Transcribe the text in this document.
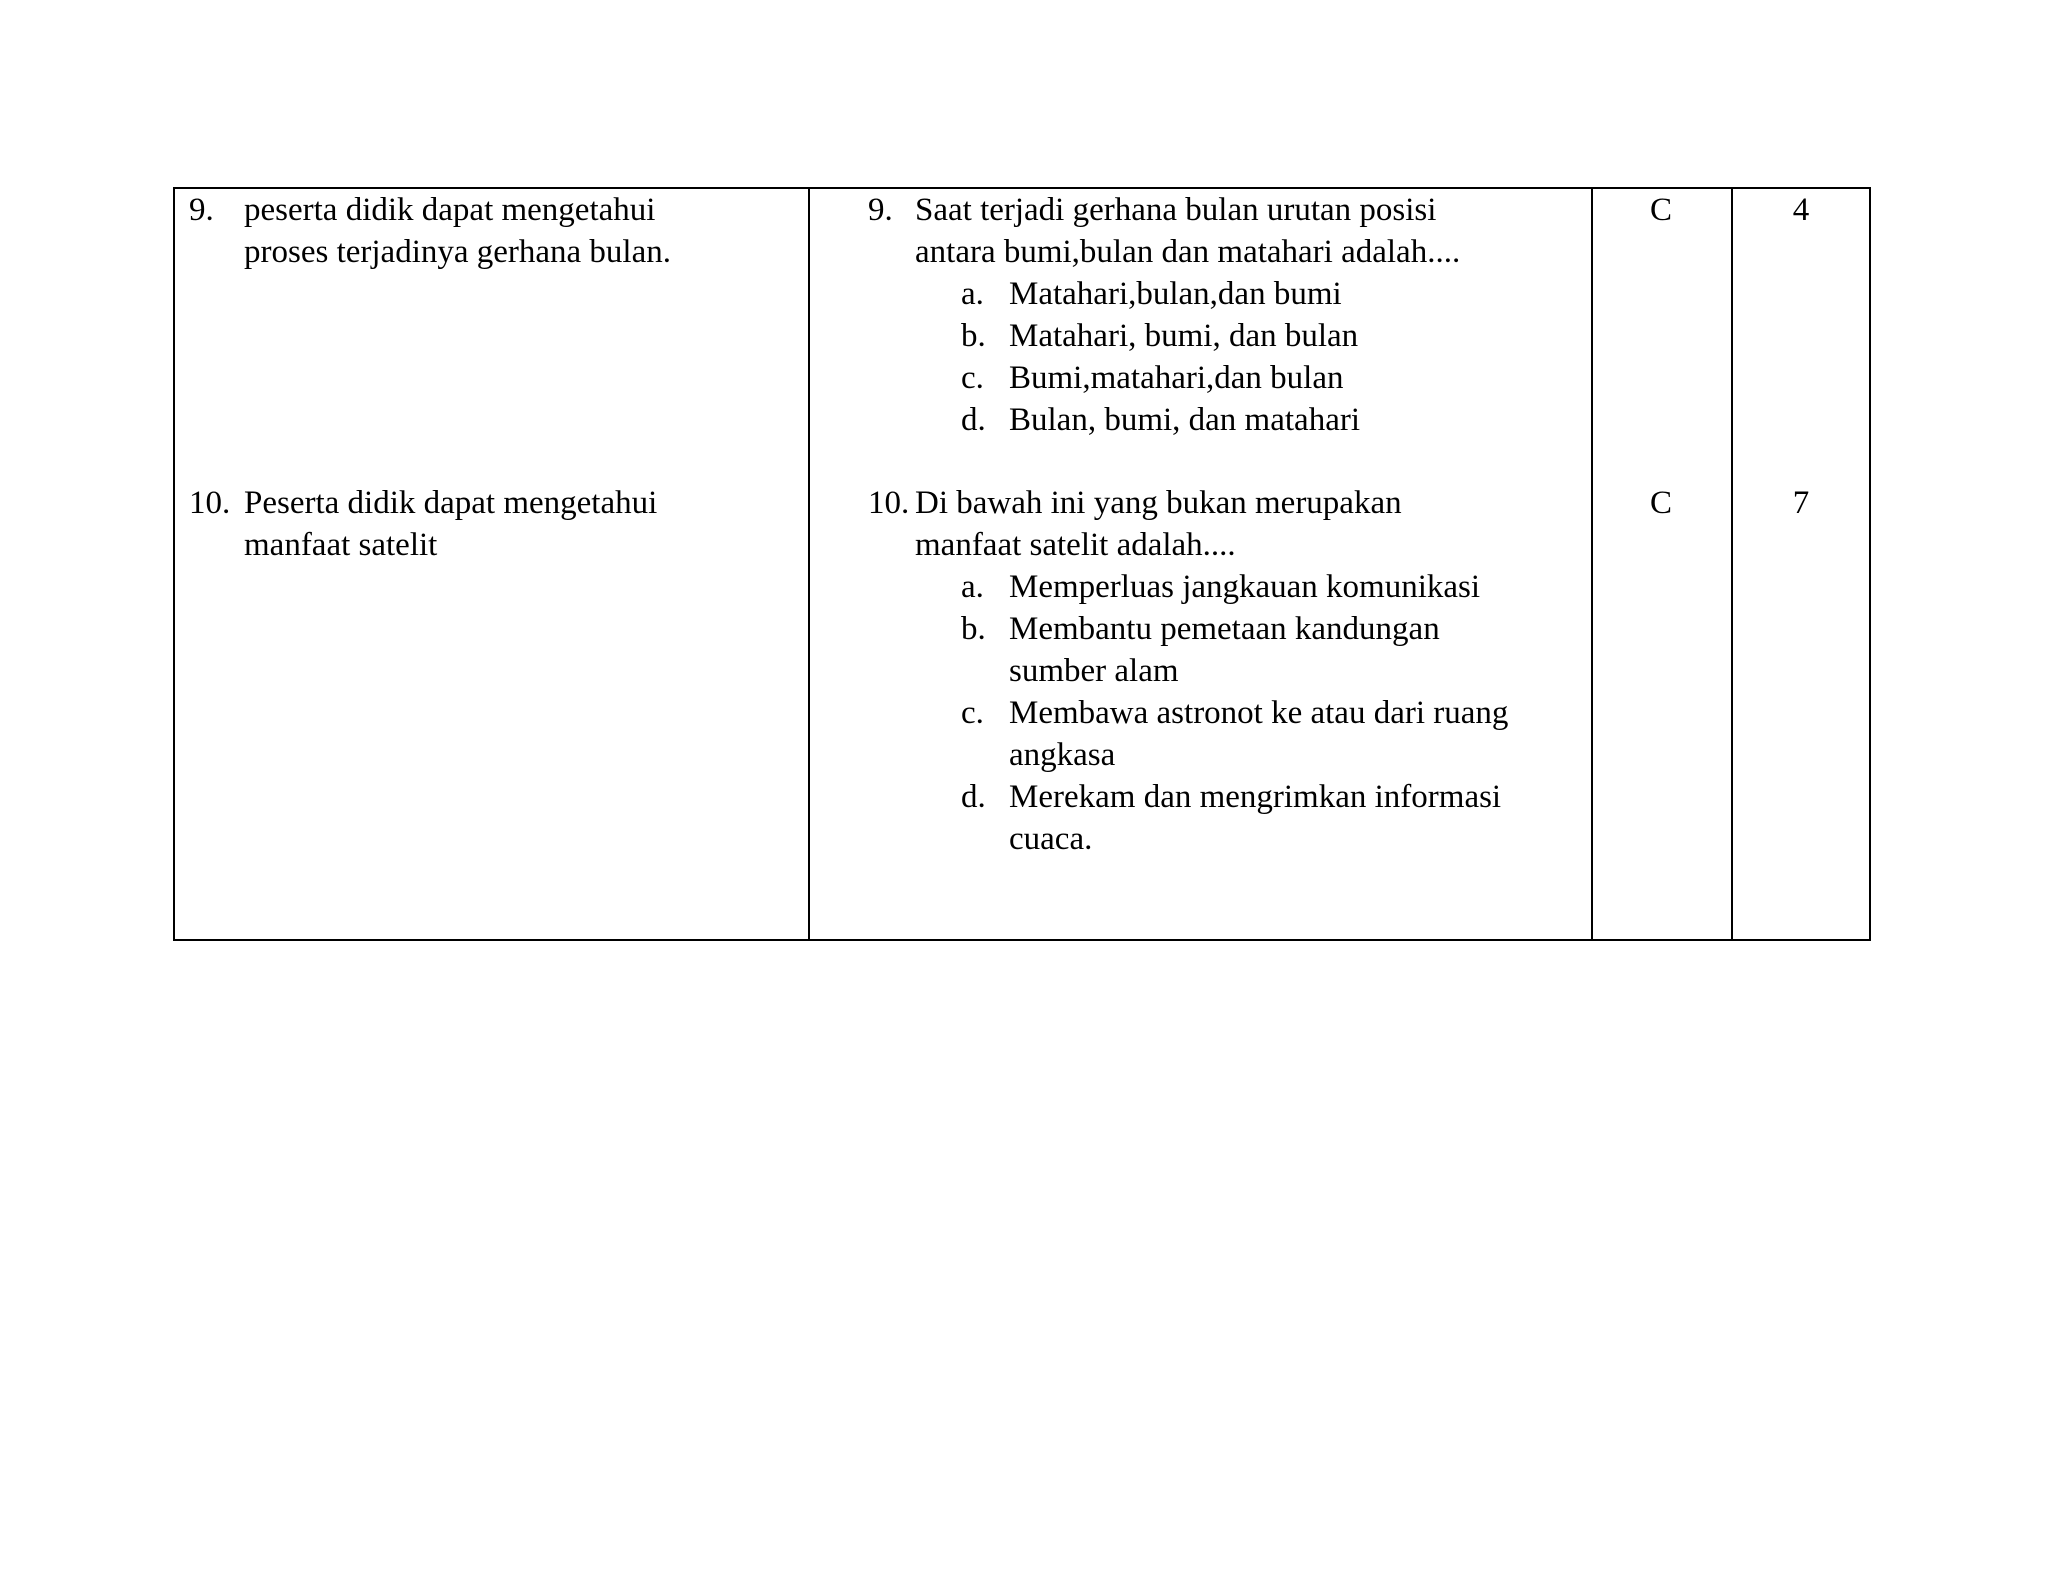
9. peserta didik dapat mengetahui
proses terjadinya gerhana bulan.
9. Saat terjadi gerhana bulan urutan posisi
antara bumi,bulan dan matahari adalah....
a. Matahari,bulan,dan bumi
b. Matahari, bumi, dan bulan
c. Bumi,matahari,dan bulan
d. Bulan, bumi, dan matahari
C	4
10. Peserta didik dapat mengetahui
manfaat satelit
10. Di bawah ini yang bukan merupakan
manfaat satelit adalah....
a. Memperluas jangkauan komunikasi
b. Membantu pemetaan kandungan
sumber alam
c. Membawa astronot ke atau dari ruang
angkasa
d. Merekam dan mengrimkan informasi
cuaca.
C	7
